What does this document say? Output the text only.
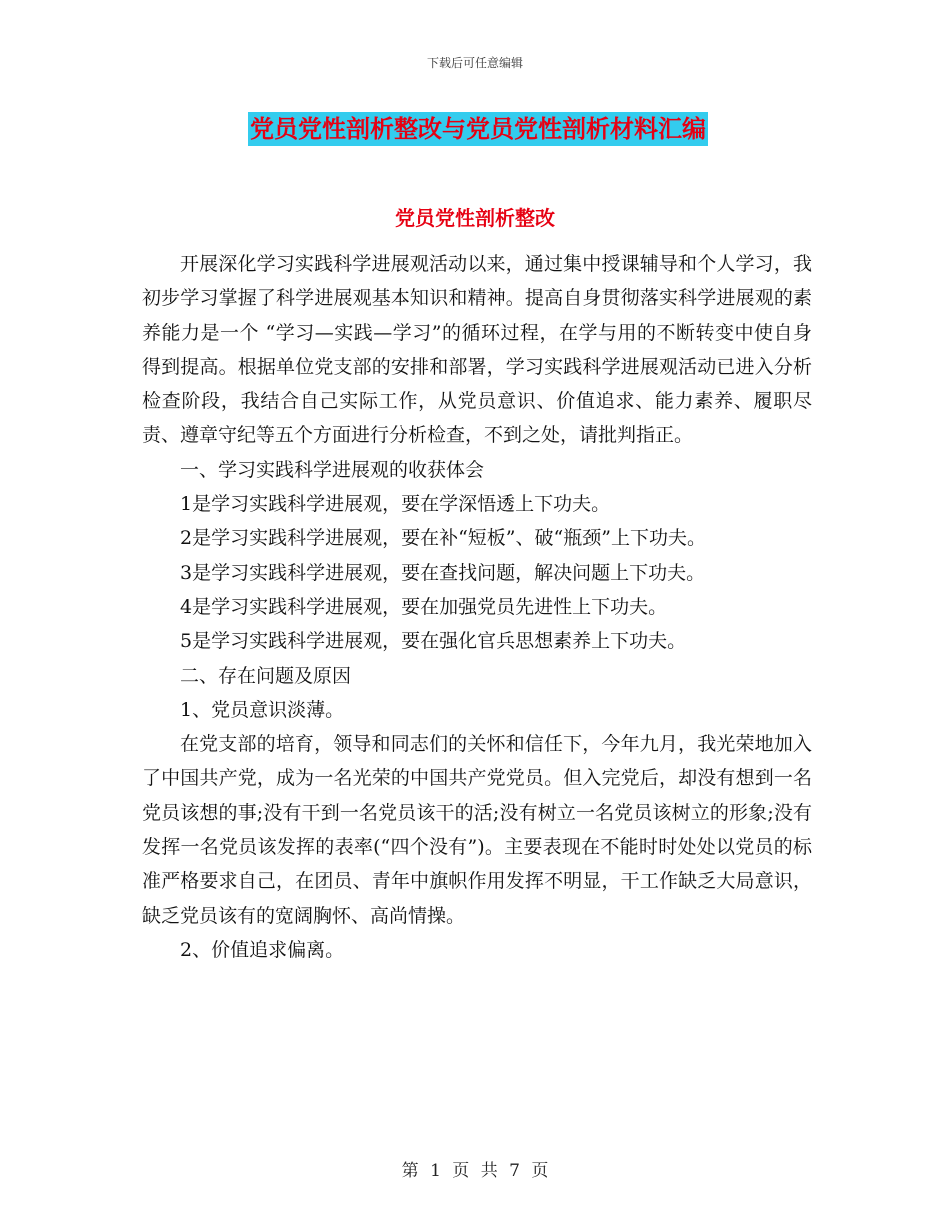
下载后可任意编辑
党员党性剖析整改与党员党性剖析材料汇编
党员党性剖析整改

开展深化学习实践科学进展观活动以来，通过集中授课辅导和个人学习，我初步学习掌握了科学进展观基本知识和精神。提高自身贯彻落实科学进展观的素养能力是一个 “学习—实践—学习”的循环过程，在学与用的不断转变中使自身得到提高。根据单位党支部的安排和部署，学习实践科学进展观活动已进入分析检查阶段，我结合自己实际工作，从党员意识、价值追求、能力素养、履职尽责、遵章守纪等五个方面进行分析检查，不到之处，请批判指正。

一、学习实践科学进展观的收获体会

1是学习实践科学进展观，要在学深悟透上下功夫。

2是学习实践科学进展观，要在补“短板”、破“瓶颈”上下功夫。

3是学习实践科学进展观，要在查找问题，解决问题上下功夫。

4是学习实践科学进展观，要在加强党员先进性上下功夫。

5是学习实践科学进展观，要在强化官兵思想素养上下功夫。

二、存在问题及原因

1、党员意识淡薄。

在党支部的培育，领导和同志们的关怀和信任下，今年九月，我光荣地加入了中国共产党，成为一名光荣的中国共产党党员。但入完党后，却没有想到一名党员该想的事;没有干到一名党员该干的活;没有树立一名党员该树立的形象;没有发挥一名党员该发挥的表率(“四个没有”)。主要表现在不能时时处处以党员的标准严格要求自己，在团员、青年中旗帜作用发挥不明显，干工作缺乏大局意识，缺乏党员该有的宽阔胸怀、高尚情操。

2、价值追求偏离。

第 1 页 共 7 页
